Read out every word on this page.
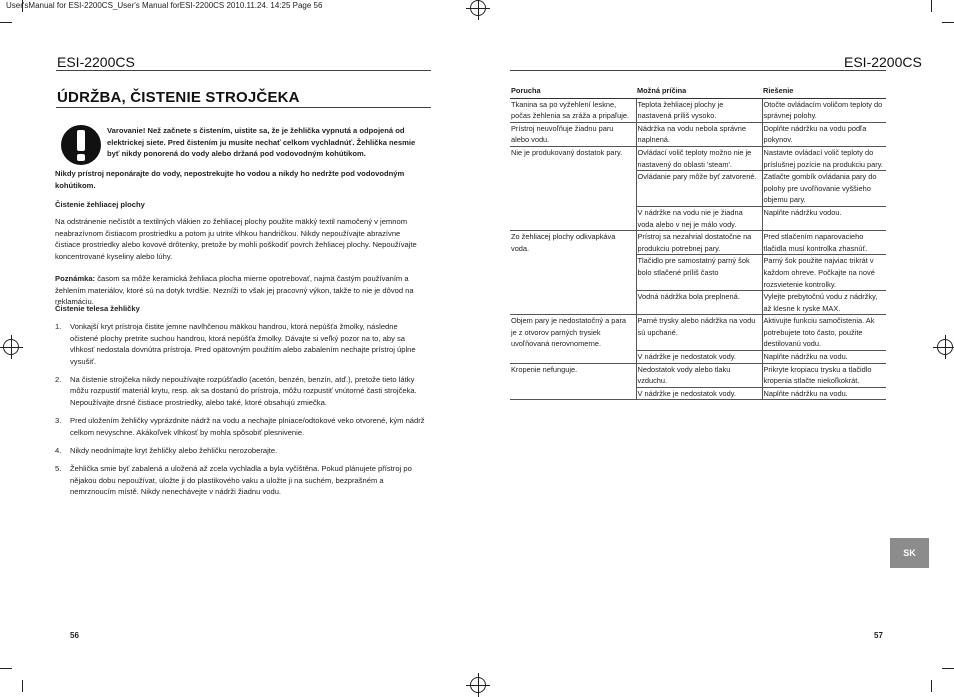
User'sManual for ESI-2200CS_User's Manual forESI-2200CS 2010.11.24. 14:25 Page 56
ESI-2200CS
ÚDRŽBA, ČISTENIE STROJČEKA
Varovanie! Než začnete s čistením, uistite sa, že je žehlička vypnutá a odpojená od elektrickej siete. Pred čistením ju musíte nechať celkom vychladnúť. Žehlička nesmie byť nikdy ponorená do vody alebo držaná pod vodovodným kohútikom.
Nikdy prístroj neponárajte do vody, nepostrekujte ho vodou a nikdy ho nedržte pod vodovodným kohútikom.
Čistenie žehliacej plochy
Na odstránenie nečistôt a textilných vlákien zo žehliacej plochy použite mäkký textil namočený v jemnom neabrazívnom čistiacom prostriedku a potom ju utrite vlhkou handričkou. Nikdy nepoužívajte abrazívne čistiace prostriedky alebo kovové drôtenky, pretože by mohli poškodiť povrch žehliacej plochy. Nepoužívajte koncentrované kyseliny alebo lúhy.
Poznámka: časom sa môže keramická žehliaca plocha mierne opotrebovať, najmä častým používaním a žehlením materiálov, ktoré sú na dotyk tvrdšie. Nezníži to však jej pracovný výkon, takže to nie je dôvod na reklamáciu.
Čistenie telesa žehličky
1. Vonkajší kryt prístroja čistite jemne navlhčenou mäkkou handrou, ktorá nepúšťa žmolky, následne očistené plochy pretrite suchou handrou, ktorá nepúšťa žmolky. Dávajte si veľký pozor na to, aby sa vlhkosť nedostala dovnútra prístroja. Pred opätovným použitím alebo zabalením nechajte prístroj úplne vysušiť.
2. Na čistenie strojčeka nikdy nepoužívajte rozpúšťadlo (acetón, benzén, benzín, atď.), pretože tieto látky môžu rozpustiť materiál krytu, resp. ak sa dostanú do prístroja, môžu rozpustiť vnútorné časti strojčeka. Nepoužívajte drsné čistiace prostriedky, alebo také, ktoré obsahujú zmiečka.
3. Pred uložením žehličky vyprázdnite nádrž na vodu a nechajte plniace/odtokové veko otvorené, kým nádrž celkom nevyschne. Akákoľvek vlhkosť by mohla spôsobiť plesnivenie.
4. Nikdy neodnímajte kryt žehličky alebo žehličku nerozoberajte.
5. Žehlička smie byť zabalená a uložená až zcela vychladla a byla vyčištěna. Pokud plánujete přístroj po nějakou dobu nepoužívat, uložte ji do plastikového vaku a uložte ji na suchém, bezprašném a nemrznoucím místě. Nikdy nenechávejte v nádrži žiadnu vodu.
56
ESI-2200CS
Porucha	Možná príčina	Riešenie
Tkanina sa po vyžehlení leskne, počas žehlenia sa zráža a pripaľuje.	Teplota žehliacej plochy je nastavená príliš vysoko.	Otočte ovládacím voličom teploty do správnej polohy.
Prístroj neuvoľňuje žiadnu paru alebo vodu.	Nádržka na vodu nebola správne naplnená.	Doplňte nádržku na vodu podľa pokynov.
Nie je produkovaný dostatok pary.	Ovládací volič teploty možno nie je nastavený do oblasti 'steam'.	Nastavte ovládací volič teploty do príslušnej pozície na produkciu pary.
	Ovládanie pary môže byť zatvorené.	Zatlačte gombík ovládania pary do polohy pre uvoľňovanie vyššieho objemu pary.
	V nádržke na vodu nie je žiadna voda alebo v nej je málo vody.	Naplňte nádržku vodou.
Zo žehliacej plochy odkvapkáva voda.	Prístroj sa nezahrial dostatočne na produkciu potrebnej pary.	Pred stlačením naparovacieho tlačidla musí kontrolka zhasnúť.
	Tlačidlo pre samostatný parný šok bolo stlačené príliš často	Parný šok použite najviac trikrát v každom ohreve. Počkajte na nové rozsvietenie kontrolky.
	Vodná nádržka bola preplnená.	Vylejte prebytočnú vodu z nádržky, až klesne k ryske MAX.
Objem pary je nedostatočný a para je z otvorov parných trysiek uvoľňovaná nerovnomerne.	Parné trysky alebo nádržka na vodu sú upchané.	Aktivujte funkciu samočistenia. Ak potrebujete toto často, použite destilovanú vodu.
	V nádržke je nedostatok vody.	Naplňte nádržku na vodu.
Kropenie nefunguje.	Nedostatok vody alebo tlaku vzduchu.	Prikryte kropiacu trysku a tlačidlo kropenia stlačte niekoľkokrát.
	V nádržke je nedostatok vody.	Naplňte nádržku na vodu.
SK
57
